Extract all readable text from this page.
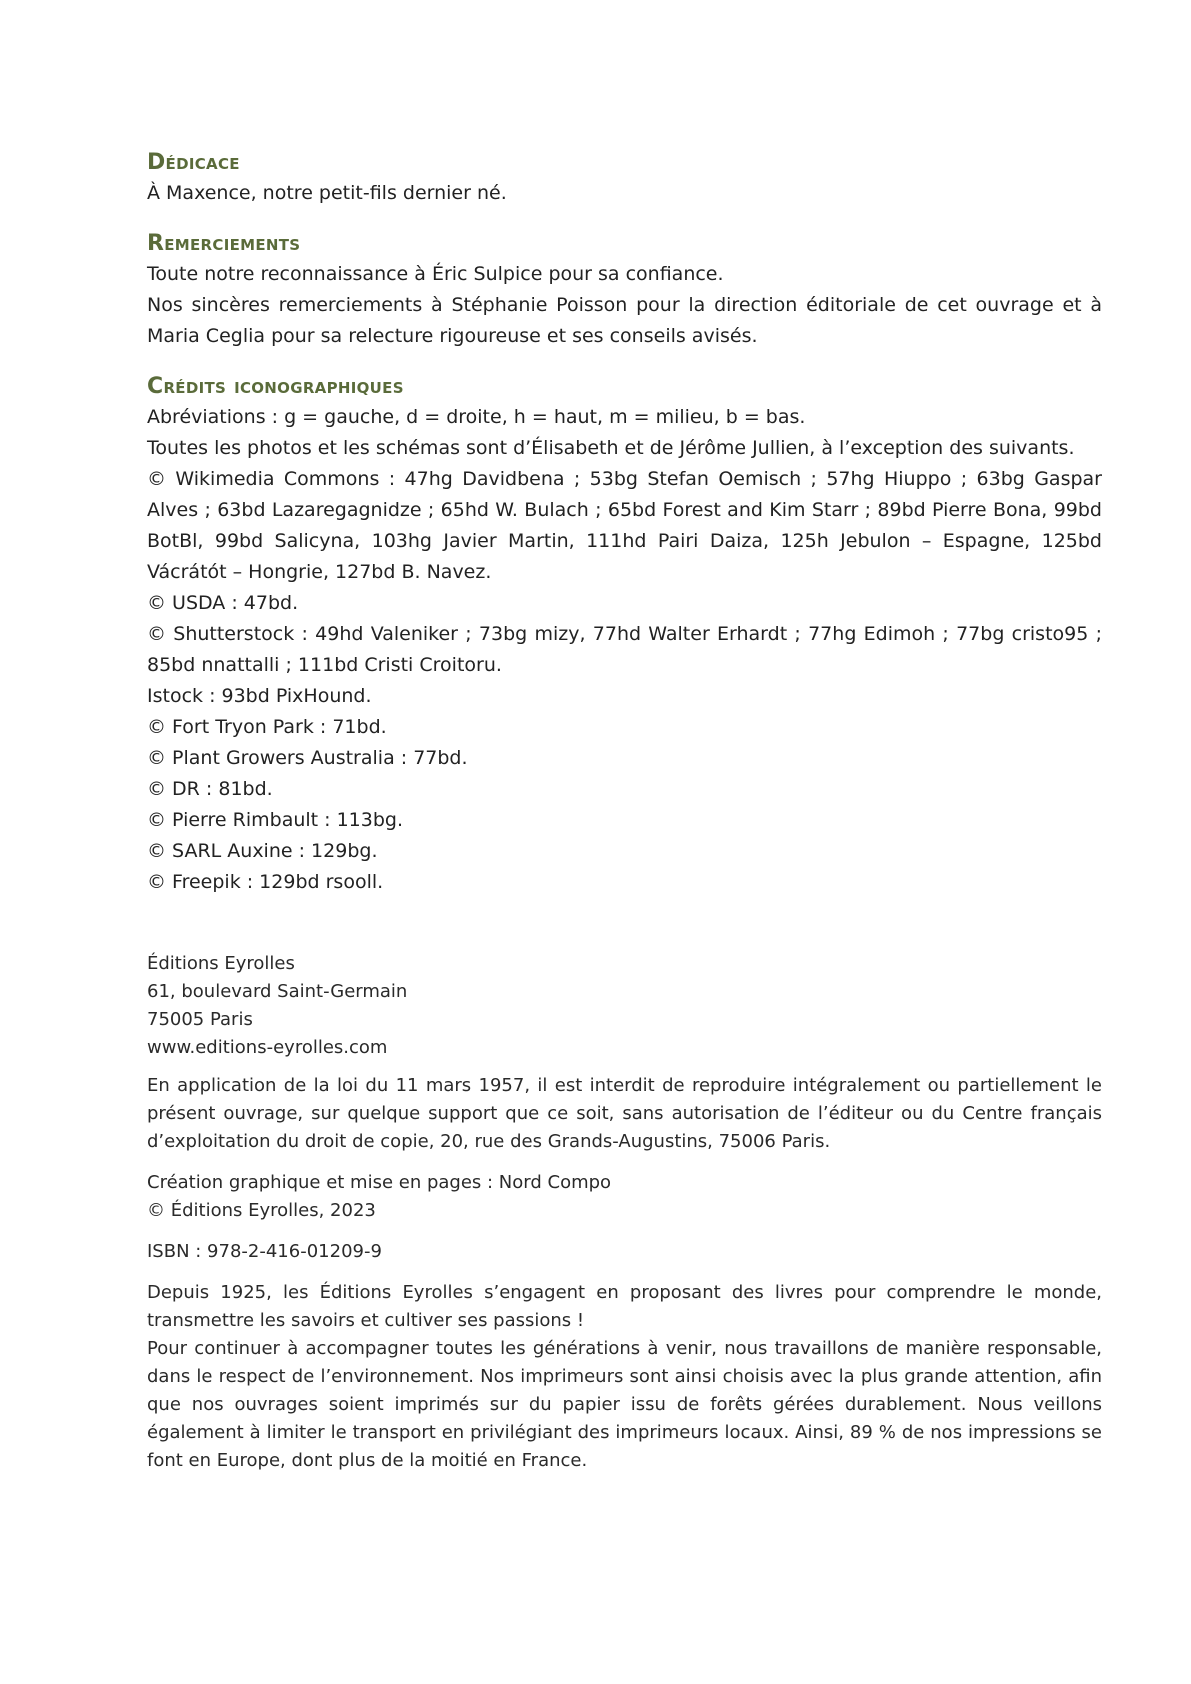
Dédicace

À Maxence, notre petit-fils dernier né.

Remerciements

Toute notre reconnaissance à Éric Sulpice pour sa confiance.

Nos sincères remerciements à Stéphanie Poisson pour la direction éditoriale de cet ouvrage et à Maria Ceglia pour sa relecture rigoureuse et ses conseils avisés.

Crédits iconographiques

Abréviations : g = gauche, d = droite, h = haut, m = milieu, b = bas.

Toutes les photos et les schémas sont d’Élisabeth et de Jérôme Jullien, à l’exception des suivants.

© Wikimedia Commons : 47hg Davidbena ; 53bg Stefan Oemisch ; 57hg Hiuppo ; 63bg Gaspar Alves ; 63bd Lazaregagnidze ; 65hd W. Bulach ; 65bd Forest and Kim Starr ; 89bd Pierre Bona, 99bd BotBl, 99bd Salicyna, 103hg Javier Martin, 111hd Pairi Daiza, 125h Jebulon – Espagne, 125bd Vácrátót – Hongrie, 127bd B. Navez.

© USDA : 47bd.

© Shutterstock : 49hd Valeniker ; 73bg mizy, 77hd Walter Erhardt ; 77hg Edimoh ; 77bg cristo95 ; 85bd nnattalli ; 111bd Cristi Croitoru.

Istock : 93bd PixHound.

© Fort Tryon Park : 71bd.

© Plant Growers Australia : 77bd.

© DR : 81bd.

© Pierre Rimbault : 113bg.

© SARL Auxine : 129bg.

© Freepik : 129bd rsooll.

Éditions Eyrolles

61, boulevard Saint-Germain

75005 Paris

www.editions-eyrolles.com

En application de la loi du 11 mars 1957, il est interdit de reproduire intégralement ou partiellement le présent ouvrage, sur quelque support que ce soit, sans autorisation de l’éditeur ou du Centre français d’exploitation du droit de copie, 20, rue des Grands-Augustins, 75006 Paris.

Création graphique et mise en pages : Nord Compo

© Éditions Eyrolles, 2023

ISBN : 978-2-416-01209-9

Depuis 1925, les Éditions Eyrolles s’engagent en proposant des livres pour comprendre le monde, transmettre les savoirs et cultiver ses passions !

Pour continuer à accompagner toutes les générations à venir, nous travaillons de manière responsable, dans le respect de l’environnement. Nos imprimeurs sont ainsi choisis avec la plus grande attention, afin que nos ouvrages soient imprimés sur du papier issu de forêts gérées durablement. Nous veillons également à limiter le transport en privilégiant des imprimeurs locaux. Ainsi, 89 % de nos impressions se font en Europe, dont plus de la moitié en France.
